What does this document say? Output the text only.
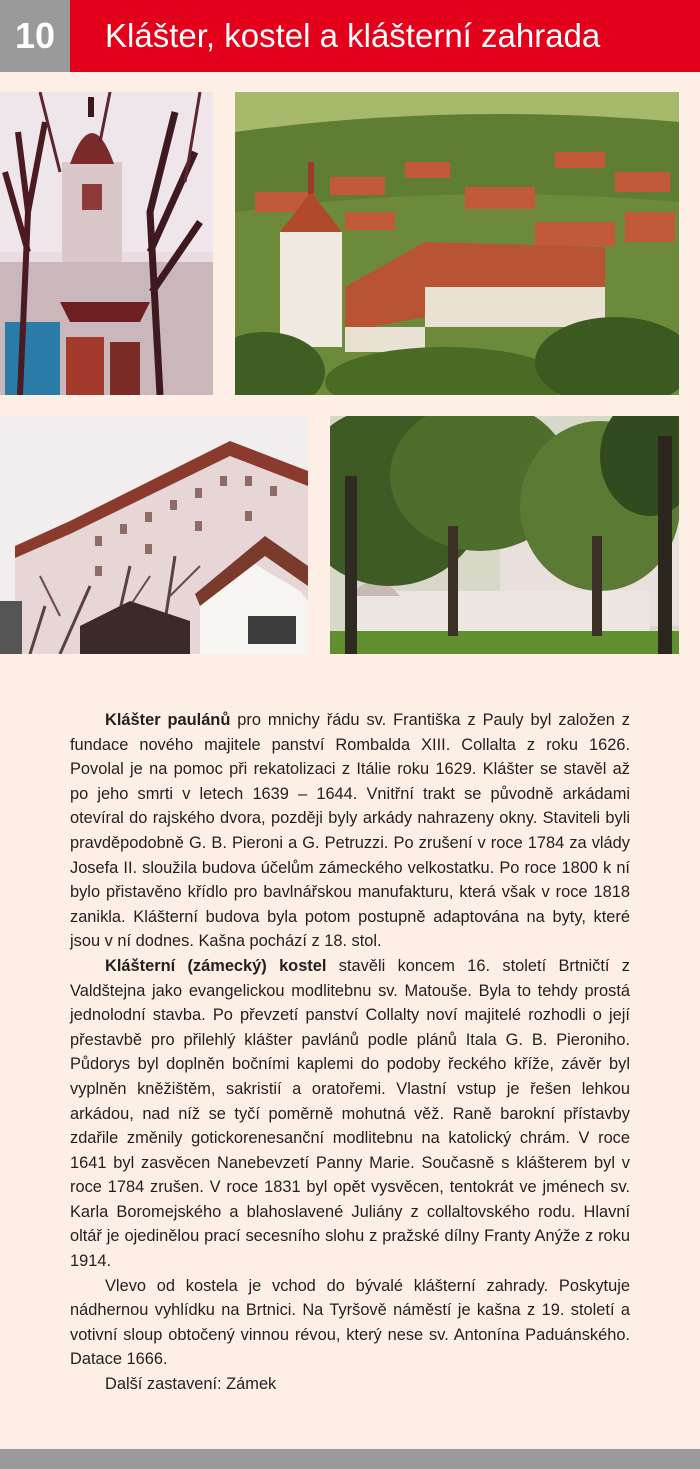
10	Klášter, kostel a klášterní zahrada

Klášter paulánů pro mnichy řádu sv. Františka z Pauly byl založen z fundace nového majitele panství Rombalda XIII. Collalta z roku 1626. Povolal je na pomoc při rekatolizaci z Itálie roku 1629. Klášter se stavěl až po jeho smrti v letech 1639 – 1644. Vnitřní trakt se původně arkádami otevíral do rajského dvora, později byly arkády nahrazeny okny. Staviteli byli pravděpodobně G. B. Pieroni a G. Petruzzi. Po zrušení v roce 1784 za vlády Josefa II. sloužila budova účelům zámeckého velkostatku. Po roce 1800 k ní bylo přistavěno křídlo pro bavlnářskou manufakturu, která však v roce 1818 zanikla. Klášterní budova byla potom postupně adaptována na byty, které jsou v ní dodnes. Kašna pochází z 18. stol.

Klášterní (zámecký) kostel stavěli koncem 16. století Brtničtí z Valdštejna jako evangelickou modlitebnu sv. Matouše. Byla to tehdy prostá jednolodní stavba. Po převzetí panství Collalty noví majitelé rozhodli o její přestavbě pro přilehlý klášter pavlánů podle plánů Itala G. B. Pieroniho. Půdorys byl doplněn bočními kaplemi do podoby řeckého kříže, závěr byl vyplněn kněžištěm, sakristií a oratořemi. Vlastní vstup je řešen lehkou arkádou, nad níž se tyčí poměrně mohutná věž. Raně barokní přístavby zdařile změnily gotickorenesanční modlitebnu na katolický chrám. V roce 1641 byl zasvěcen Nanebevzetí Panny Marie. Současně s klášterem byl v roce 1784 zrušen. V roce 1831 byl opět vysvěcen, tentokrát ve jménech sv. Karla Boromejského a blahoslavené Juliány z collaltovského rodu. Hlavní oltář je ojedinělou prací secesního slohu z pražské dílny Franty Anýže z roku 1914.

Vlevo od kostela je vchod do bývalé klášterní zahrady. Poskytuje nádhernou vyhlídku na Brtnici. Na Tyršově náměstí je kašna z 19. století a votivní sloup obtočený vinnou révou, který nese sv. Antonína Paduánského. Datace 1666.

Další zastavení: Zámek
